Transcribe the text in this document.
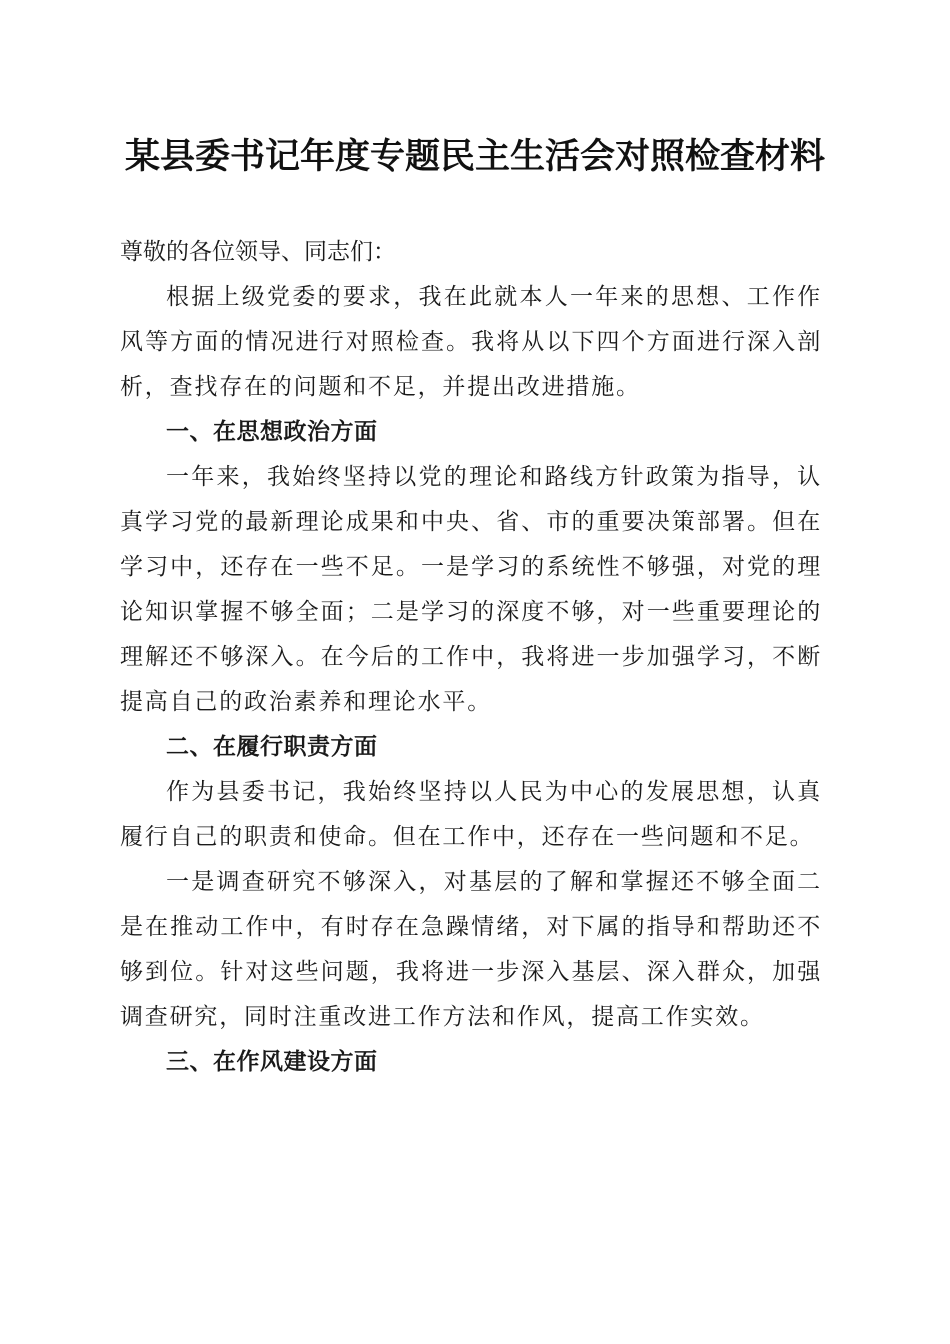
某县委书记年度专题民主生活会对照检查材料

尊敬的各位领导、同志们：

根据上级党委的要求，我在此就本人一年来的思想、工作作风等方面的情况进行对照检查。我将从以下四个方面进行深入剖析，查找存在的问题和不足，并提出改进措施。

一、在思想政治方面

一年来，我始终坚持以党的理论和路线方针政策为指导，认真学习党的最新理论成果和中央、省、市的重要决策部署。但在学习中，还存在一些不足。一是学习的系统性不够强，对党的理论知识掌握不够全面；二是学习的深度不够，对一些重要理论的理解还不够深入。在今后的工作中，我将进一步加强学习，不断提高自己的政治素养和理论水平。

二、在履行职责方面

作为县委书记，我始终坚持以人民为中心的发展思想，认真履行自己的职责和使命。但在工作中，还存在一些问题和不足。

一是调查研究不够深入，对基层的了解和掌握还不够全面二是在推动工作中，有时存在急躁情绪，对下属的指导和帮助还不够到位。针对这些问题，我将进一步深入基层、深入群众，加强调查研究，同时注重改进工作方法和作风，提高工作实效。

三、在作风建设方面
